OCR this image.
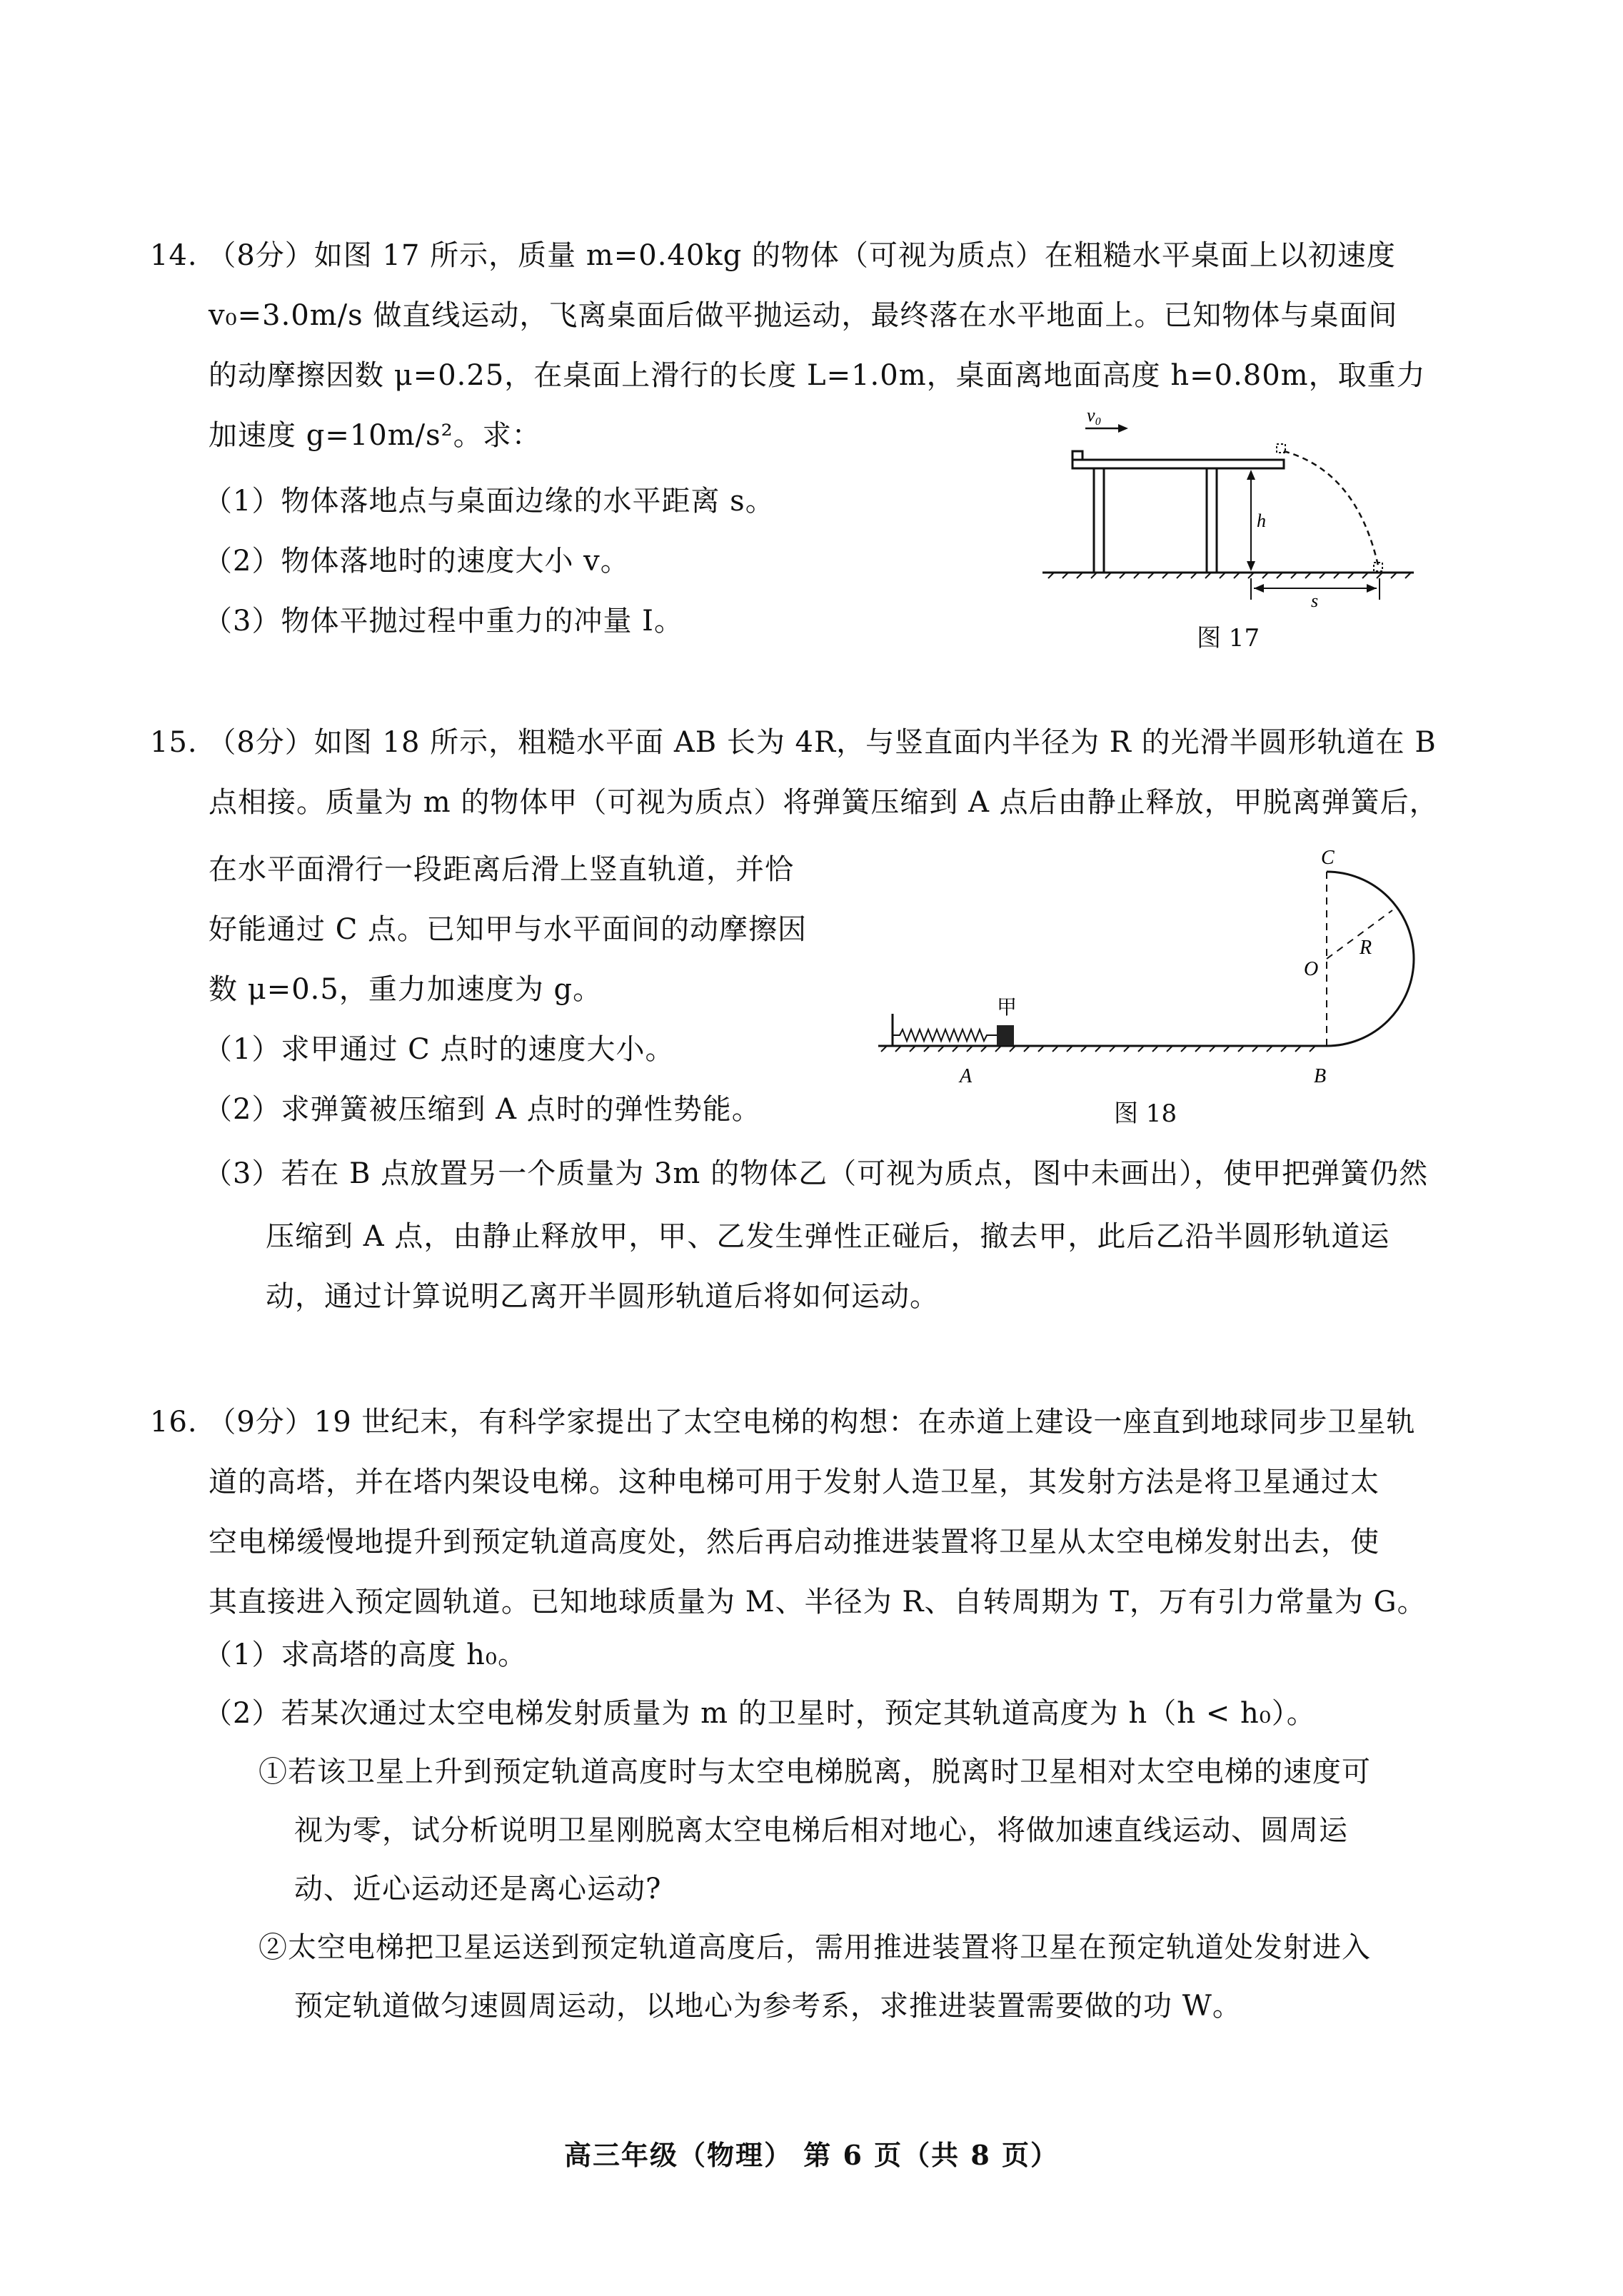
14. （8分）如图 17 所示，质量 m=0.40kg 的物体（可视为质点）在粗糙水平桌面上以初速度
v₀=3.0m/s 做直线运动，飞离桌面后做平抛运动，最终落在水平地面上。已知物体与桌面间
的动摩擦因数 μ=0.25，在桌面上滑行的长度 L=1.0m，桌面离地面高度 h=0.80m，取重力
加速度 g=10m/s²。求：
（1）物体落地点与桌面边缘的水平距离 s。
（2）物体落地时的速度大小 v。
（3）物体平抛过程中重力的冲量 I。
v₀
h
s
图 17
15. （8分）如图 18 所示，粗糙水平面 AB 长为 4R，与竖直面内半径为 R 的光滑半圆形轨道在 B
点相接。质量为 m 的物体甲（可视为质点）将弹簧压缩到 A 点后由静止释放，甲脱离弹簧后，
在水平面滑行一段距离后滑上竖直轨道，并恰
好能通过 C 点。已知甲与水平面间的动摩擦因
数 μ=0.5，重力加速度为 g。
（1）求甲通过 C 点时的速度大小。
（2）求弹簧被压缩到 A 点时的弹性势能。
（3）若在 B 点放置另一个质量为 3m 的物体乙（可视为质点，图中未画出），使甲把弹簧仍然
压缩到 A 点，由静止释放甲，甲、乙发生弹性正碰后，撤去甲，此后乙沿半圆形轨道运
动，通过计算说明乙离开半圆形轨道后将如何运动。
甲
A	B
C
O
R
图 18
16. （9分）19 世纪末，有科学家提出了太空电梯的构想：在赤道上建设一座直到地球同步卫星轨
道的高塔，并在塔内架设电梯。这种电梯可用于发射人造卫星，其发射方法是将卫星通过太
空电梯缓慢地提升到预定轨道高度处，然后再启动推进装置将卫星从太空电梯发射出去，使
其直接进入预定圆轨道。已知地球质量为 M、半径为 R、自转周期为 T，万有引力常量为 G。
（1）求高塔的高度 h₀。
（2）若某次通过太空电梯发射质量为 m 的卫星时，预定其轨道高度为 h（h < h₀）。
①若该卫星上升到预定轨道高度时与太空电梯脱离，脱离时卫星相对太空电梯的速度可
视为零，试分析说明卫星刚脱离太空电梯后相对地心，将做加速直线运动、圆周运
动、近心运动还是离心运动?
②太空电梯把卫星运送到预定轨道高度后，需用推进装置将卫星在预定轨道处发射进入
预定轨道做匀速圆周运动，以地心为参考系，求推进装置需要做的功 W。
高三年级（物理） 第 6 页（共 8 页）
